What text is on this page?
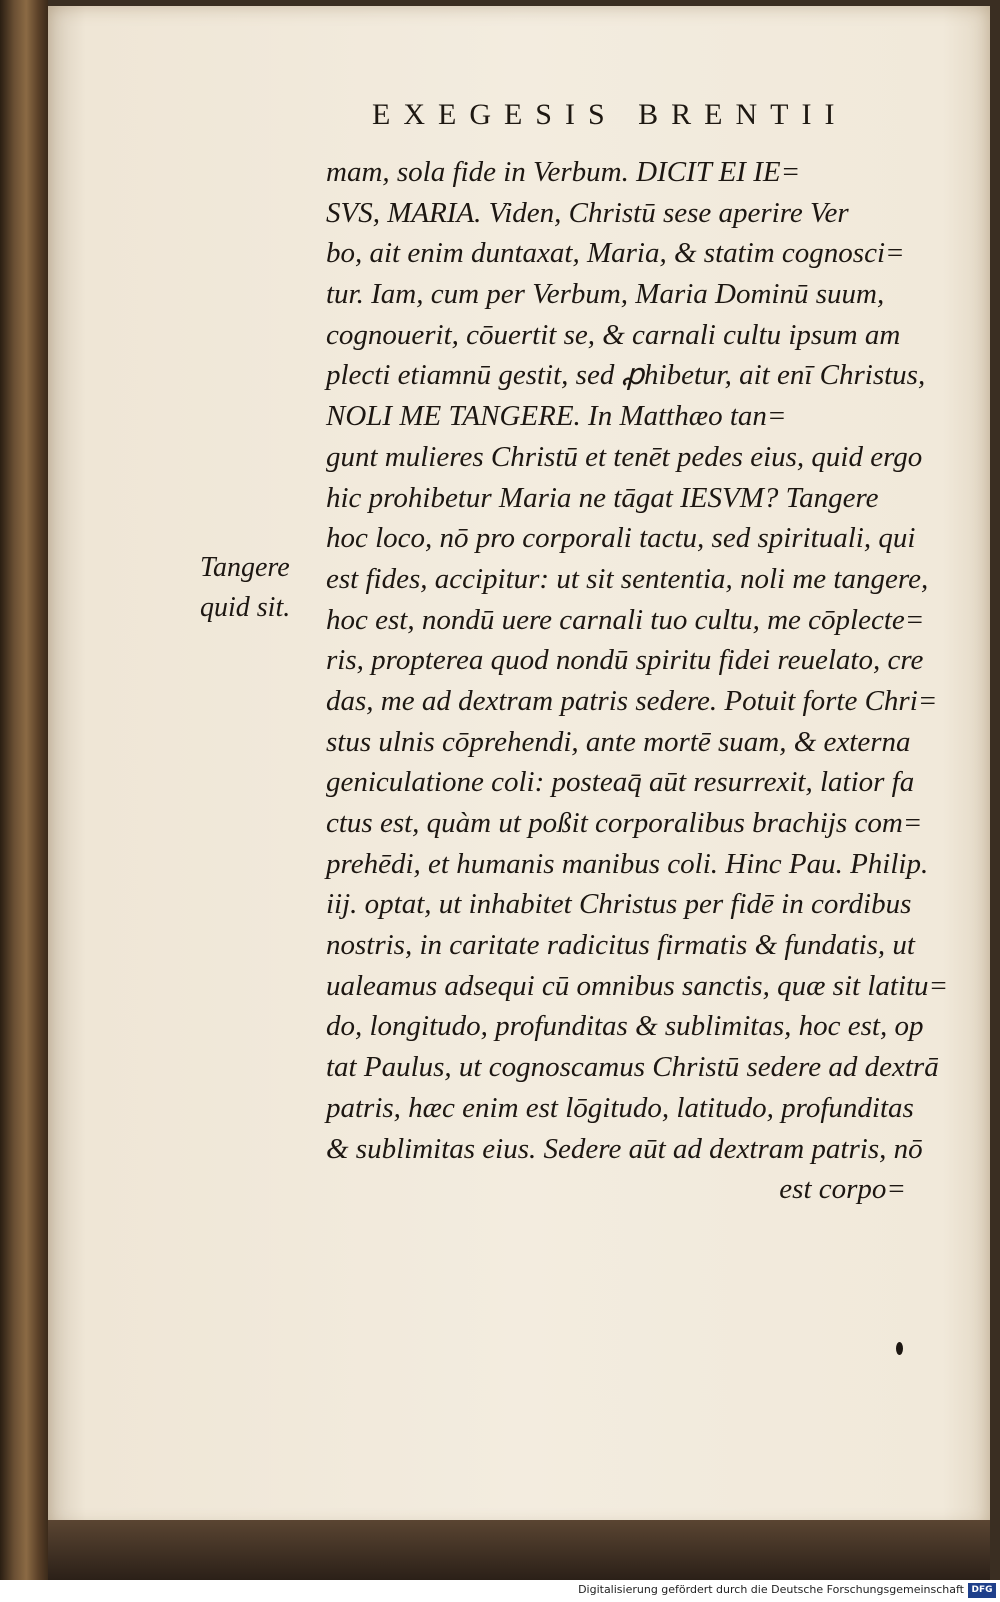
EXEGESIS BRENTII
Tangere
quid sit.
mam, sola fide in Verbum. DICIT EI IE=
SVS, MARIA. Viden, Christū sese aperire Ver
bo, ait enim duntaxat, Maria, & statim cognosci=
tur. Iam, cum per Verbum, Maria Dominū suum,
cognouerit, cōuertit se, & carnali cultu ipsum am
plecti etiamnū gestit, sed ꝓhibetur, ait enī Christus,
NOLI ME TANGERE. In Matthæo tan=
gunt mulieres Christū et tenēt pedes eius, quid ergo
hic prohibetur Maria ne tāgat IESVM? Tangere
hoc loco, nō pro corporali tactu, sed spirituali, qui
est fides, accipitur: ut sit sententia, noli me tangere,
hoc est, nondū uere carnali tuo cultu, me cōplecte=
ris, propterea quod nondū spiritu fidei reuelato, cre
das, me ad dextram patris sedere. Potuit forte Chri=
stus ulnis cōprehendi, ante mortē suam, & externa
geniculatione coli: posteaq̄ aūt resurrexit, latior fa
ctus est, quàm ut poßit corporalibus brachijs com=
prehēdi, et humanis manibus coli. Hinc Pau. Philip.
iij. optat, ut inhabitet Christus per fidē in cordibus
nostris, in caritate radicitus firmatis & fundatis, ut
ualeamus adsequi cū omnibus sanctis, quæ sit latitu=
do, longitudo, profunditas & sublimitas, hoc est, op
tat Paulus, ut cognoscamus Christū sedere ad dextrā
patris, hæc enim est lōgitudo, latitudo, profunditas
& sublimitas eius. Sedere aūt ad dextram patris, nō
est corpo=
Digitalisierung gefördert durch die Deutsche Forschungsgemeinschaft DFG
